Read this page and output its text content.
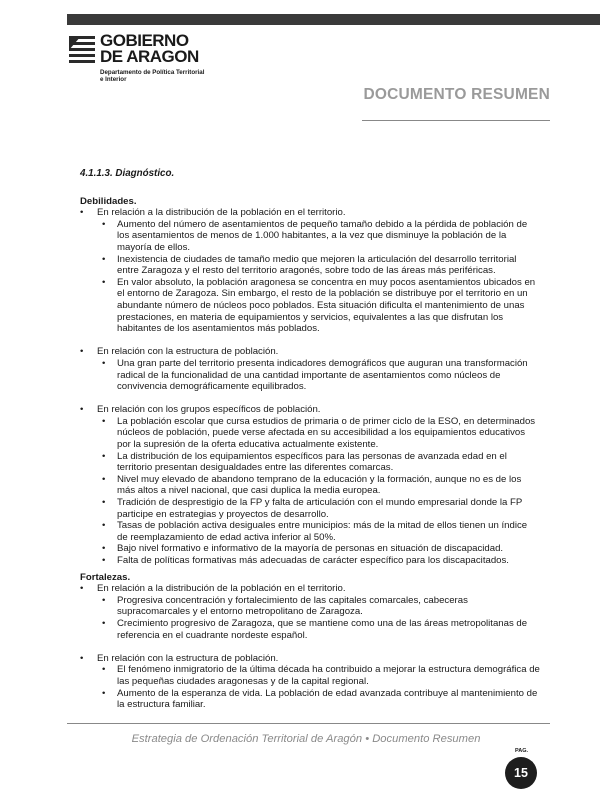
GOBIERNO
DE ARAGON
Departamento de Política Territorial
e Interior
DOCUMENTO RESUMEN

4.1.1.3. Diagnóstico.

Debilidades.

• En relación a la distribución de la población en el territorio.
• Aumento del número de asentamientos de pequeño tamaño debido a la pérdida de población de los asentamientos de menos de 1.000 habitantes, a la vez que disminuye la población de la mayoría de ellos.
• Inexistencia de ciudades de tamaño medio que mejoren la articulación del desarrollo territorial entre Zaragoza y el resto del territorio aragonés, sobre todo de las áreas más periféricas.
• En valor absoluto, la población aragonesa se concentra en muy pocos asentamientos ubicados en el entorno de Zaragoza. Sin embargo, el resto de la población se distribuye por el territorio en un abundante número de núcleos poco poblados. Esta situación dificulta el mantenimiento de unas prestaciones, en materia de equipamientos y servicios, equivalentes a las que disfrutan los habitantes de los asentamientos más poblados.
• En relación con la estructura de población.
• Una gran parte del territorio presenta indicadores demográficos que auguran una transformación radical de la funcionalidad de una cantidad importante de asentamientos como núcleos de convivencia demográficamente equilibrados.
• En relación con los grupos específicos de población.
• La población escolar que cursa estudios de primaria o de primer ciclo de la ESO, en determinados núcleos de población, puede verse afectada en su accesibilidad a los equipamientos educativos por la supresión de la oferta educativa actualmente existente.
• La distribución de los equipamientos específicos para las personas de avanzada edad en el territorio presentan desigualdades entre las diferentes comarcas.
• Nivel muy elevado de abandono temprano de la educación y la formación, aunque no es de los más altos a nivel nacional, que casi duplica la media europea.
• Tradición de desprestigio de la FP y falta de articulación con el mundo empresarial donde la FP participe en estrategias y proyectos de desarrollo.
• Tasas de población activa desiguales entre municipios: más de la mitad de ellos tienen un índice de reemplazamiento de edad activa inferior al 50%.
• Bajo nivel formativo e informativo de la mayoría de personas en situación de discapacidad.
• Falta de políticas formativas más adecuadas de carácter específico para los discapacitados.

Fortalezas.

• En relación a la distribución de la población en el territorio.
• Progresiva concentración y fortalecimiento de las capitales comarcales, cabeceras supracomarcales y el entorno metropolitano de Zaragoza.
• Crecimiento progresivo de Zaragoza, que se mantiene como una de las áreas metropolitanas de referencia en el cuadrante nordeste español.
• En relación con la estructura de población.
• El fenómeno inmigratorio de la última década ha contribuido a mejorar la estructura demográfica de las pequeñas ciudades aragonesas y de la capital regional.
• Aumento de la esperanza de vida. La población de edad avanzada contribuye al mantenimiento de la estructura familiar.
Estrategia de Ordenación Territorial de Aragón • Documento Resumen
PAG.
15
